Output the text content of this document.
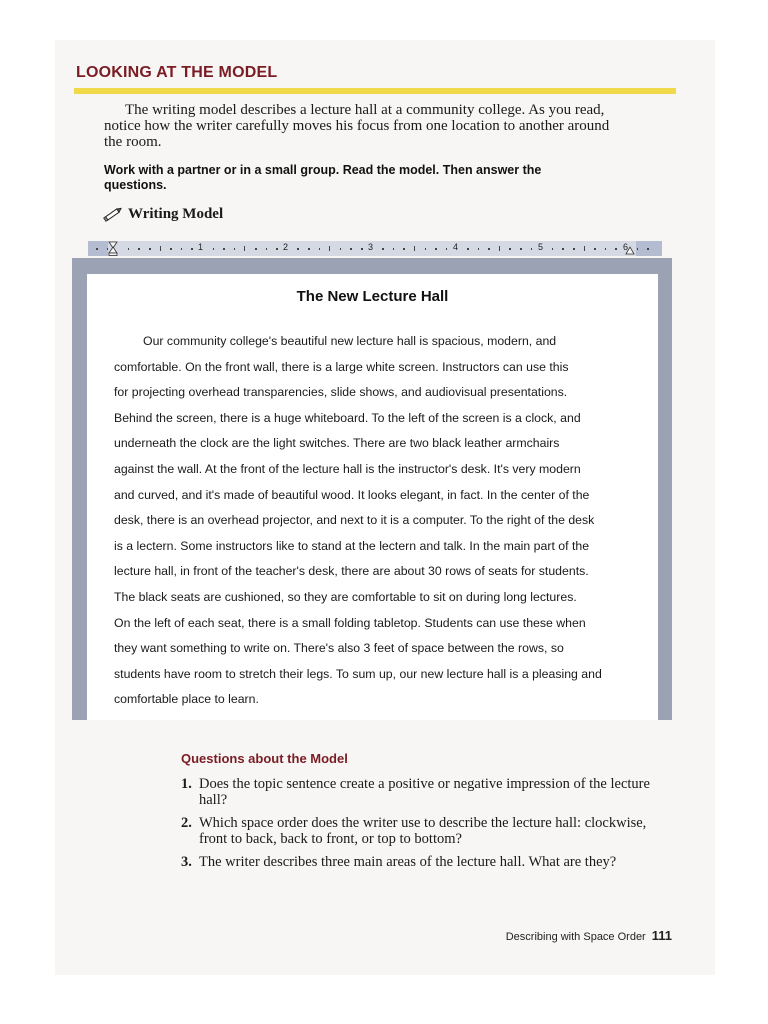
LOOKING AT THE MODEL
The writing model describes a lecture hall at a community college. As you read, notice how the writer carefully moves his focus from one location to another around the room.
Work with a partner or in a small group. Read the model. Then answer the questions.
Writing Model
1	2	3	4	5	6
The New Lecture Hall
Our community college's beautiful new lecture hall is spacious, modern, and
comfortable. On the front wall, there is a large white screen. Instructors can use this
for projecting overhead transparencies, slide shows, and audiovisual presentations.
Behind the screen, there is a huge whiteboard. To the left of the screen is a clock, and
underneath the clock are the light switches. There are two black leather armchairs
against the wall. At the front of the lecture hall is the instructor's desk. It's very modern
and curved, and it's made of beautiful wood. It looks elegant, in fact. In the center of the
desk, there is an overhead projector, and next to it is a computer. To the right of the desk
is a lectern. Some instructors like to stand at the lectern and talk. In the main part of the
lecture hall, in front of the teacher's desk, there are about 30 rows of seats for students.
The black seats are cushioned, so they are comfortable to sit on during long lectures.
On the left of each seat, there is a small folding tabletop. Students can use these when
they want something to write on. There's also 3 feet of space between the rows, so
students have room to stretch their legs. To sum up, our new lecture hall is a pleasing and
comfortable place to learn.
Questions about the Model
1. Does the topic sentence create a positive or negative impression of the lecture hall?
2. Which space order does the writer use to describe the lecture hall: clockwise, front to back, back to front, or top to bottom?
3. The writer describes three main areas of the lecture hall. What are they?
Describing with Space Order 111
